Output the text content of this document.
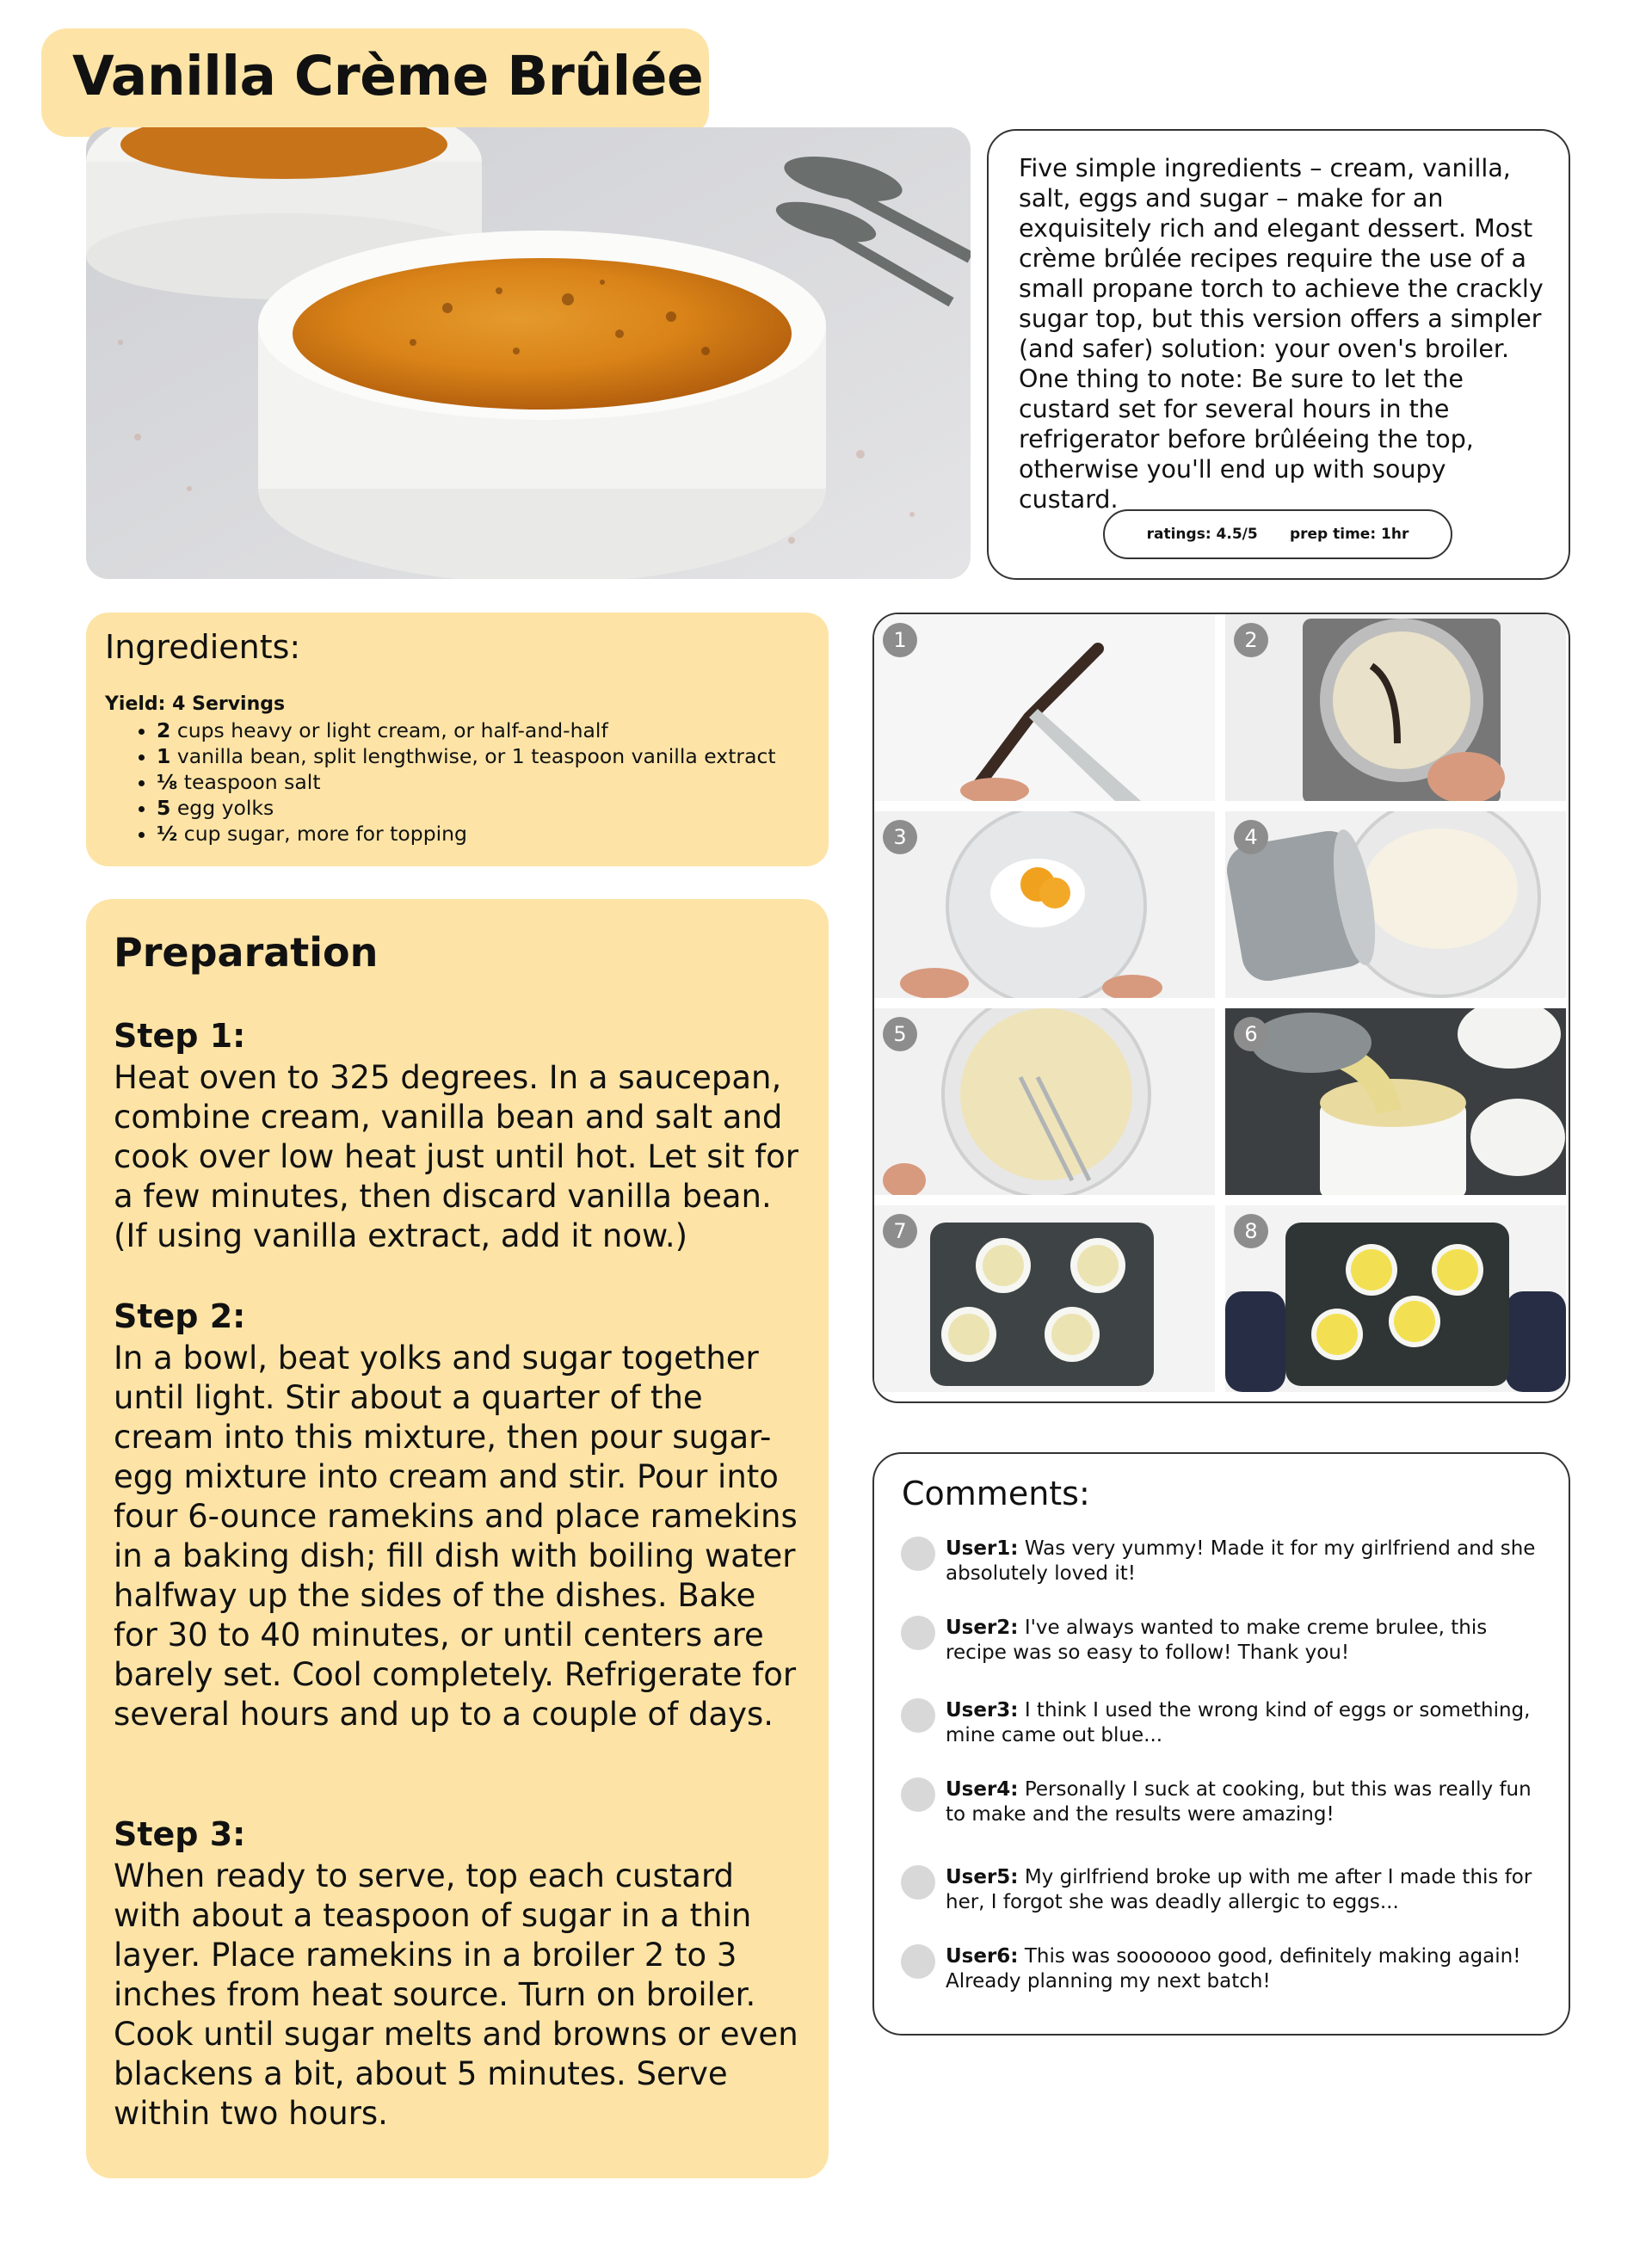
Vanilla Crème Brûlée
Five simple ingredients – cream, vanilla, salt, eggs and sugar – make for an exquisitely rich and elegant dessert. Most crème brûlée recipes require the use of a small propane torch to achieve the crackly sugar top, but this version offers a simpler (and safer) solution: your oven's broiler. One thing to note: Be sure to let the custard set for several hours in the refrigerator before brûléeing the top, otherwise you'll end up with soupy custard.
ratings: 4.5/5 prep time: 1hr
Ingredients:
Yield: 4 Servings
• 2 cups heavy or light cream, or half-and-half
• 1 vanilla bean, split lengthwise, or 1 teaspoon vanilla extract
• ⅛ teaspoon salt
• 5 egg yolks
• ½ cup sugar, more for topping
Preparation
Step 1:
Heat oven to 325 degrees. In a saucepan, combine cream, vanilla bean and salt and cook over low heat just until hot. Let sit for a few minutes, then discard vanilla bean. (If using vanilla extract, add it now.)
Step 2:
In a bowl, beat yolks and sugar together until light. Stir about a quarter of the cream into this mixture, then pour sugar-egg mixture into cream and stir. Pour into four 6-ounce ramekins and place ramekins in a baking dish; fill dish with boiling water halfway up the sides of the dishes. Bake for 30 to 40 minutes, or until centers are barely set. Cool completely. Refrigerate for several hours and up to a couple of days.
Step 3:
When ready to serve, top each custard with about a teaspoon of sugar in a thin layer. Place ramekins in a broiler 2 to 3 inches from heat source. Turn on broiler. Cook until sugar melts and browns or even blackens a bit, about 5 minutes. Serve within two hours.
1	2
3	4
5	6
7	8
Comments:
User1: Was very yummy! Made it for my girlfriend and she absolutely loved it!
User2: I've always wanted to make creme brulee, this recipe was so easy to follow! Thank you!
User3: I think I used the wrong kind of eggs or something, mine came out blue...
User4: Personally I suck at cooking, but this was really fun to make and the results were amazing!
User5: My girlfriend broke up with me after I made this for her, I forgot she was deadly allergic to eggs...
User6: This was sooooooo good, definitely making again! Already planning my next batch!
